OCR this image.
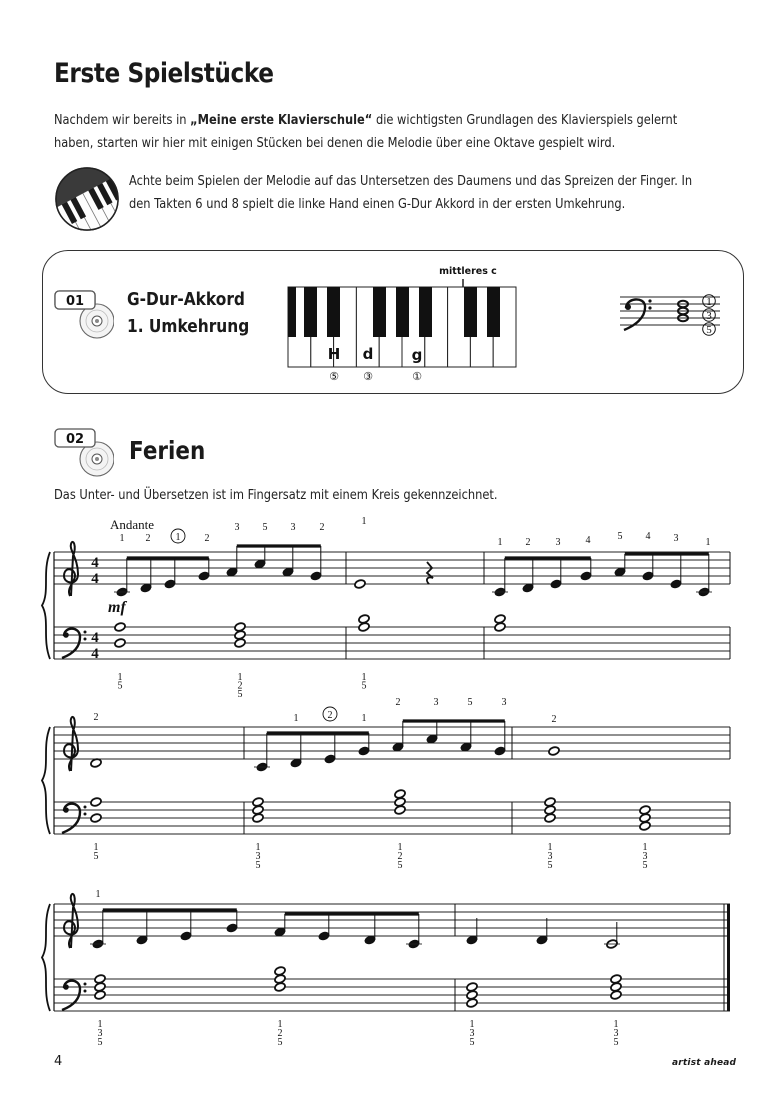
Erste Spielstücke
Nachdem wir bereits in „Meine erste Klavierschule“ die wichtigsten Grundlagen des Klavierspiels gelernt
haben, starten wir hier mit einigen Stücken bei denen die Melodie über eine Oktave gespielt wird.
Achte beim Spielen der Melodie auf das Untersetzen des Daumens und das Spreizen der Finger. In
den Takten 6 und 8 spielt die linke Hand einen G-Dur Akkord in der ersten Umkehrung.
01 G-Dur-Akkord
1. Umkehrung
mittleres c
H d	g
⑤ ③	①
1
3
5
02 Ferien
Das Unter- und Übersetzen ist im Fingersatz mit einem Kreis gekennzeichnet.
Andante
4
4
4
4
mf
1 2	1 2
3 5 3 2
1
1 2	3	4	5 4 3	1
1
5
1
2
5
1
5
2	1	2	1
2	3	5	3
2
1
5
1
3
5
1
2
5
1
3
5
1
3
5
1
1
3
5
1
2
5
1
3
5
1
3
5
4	artist ahead
